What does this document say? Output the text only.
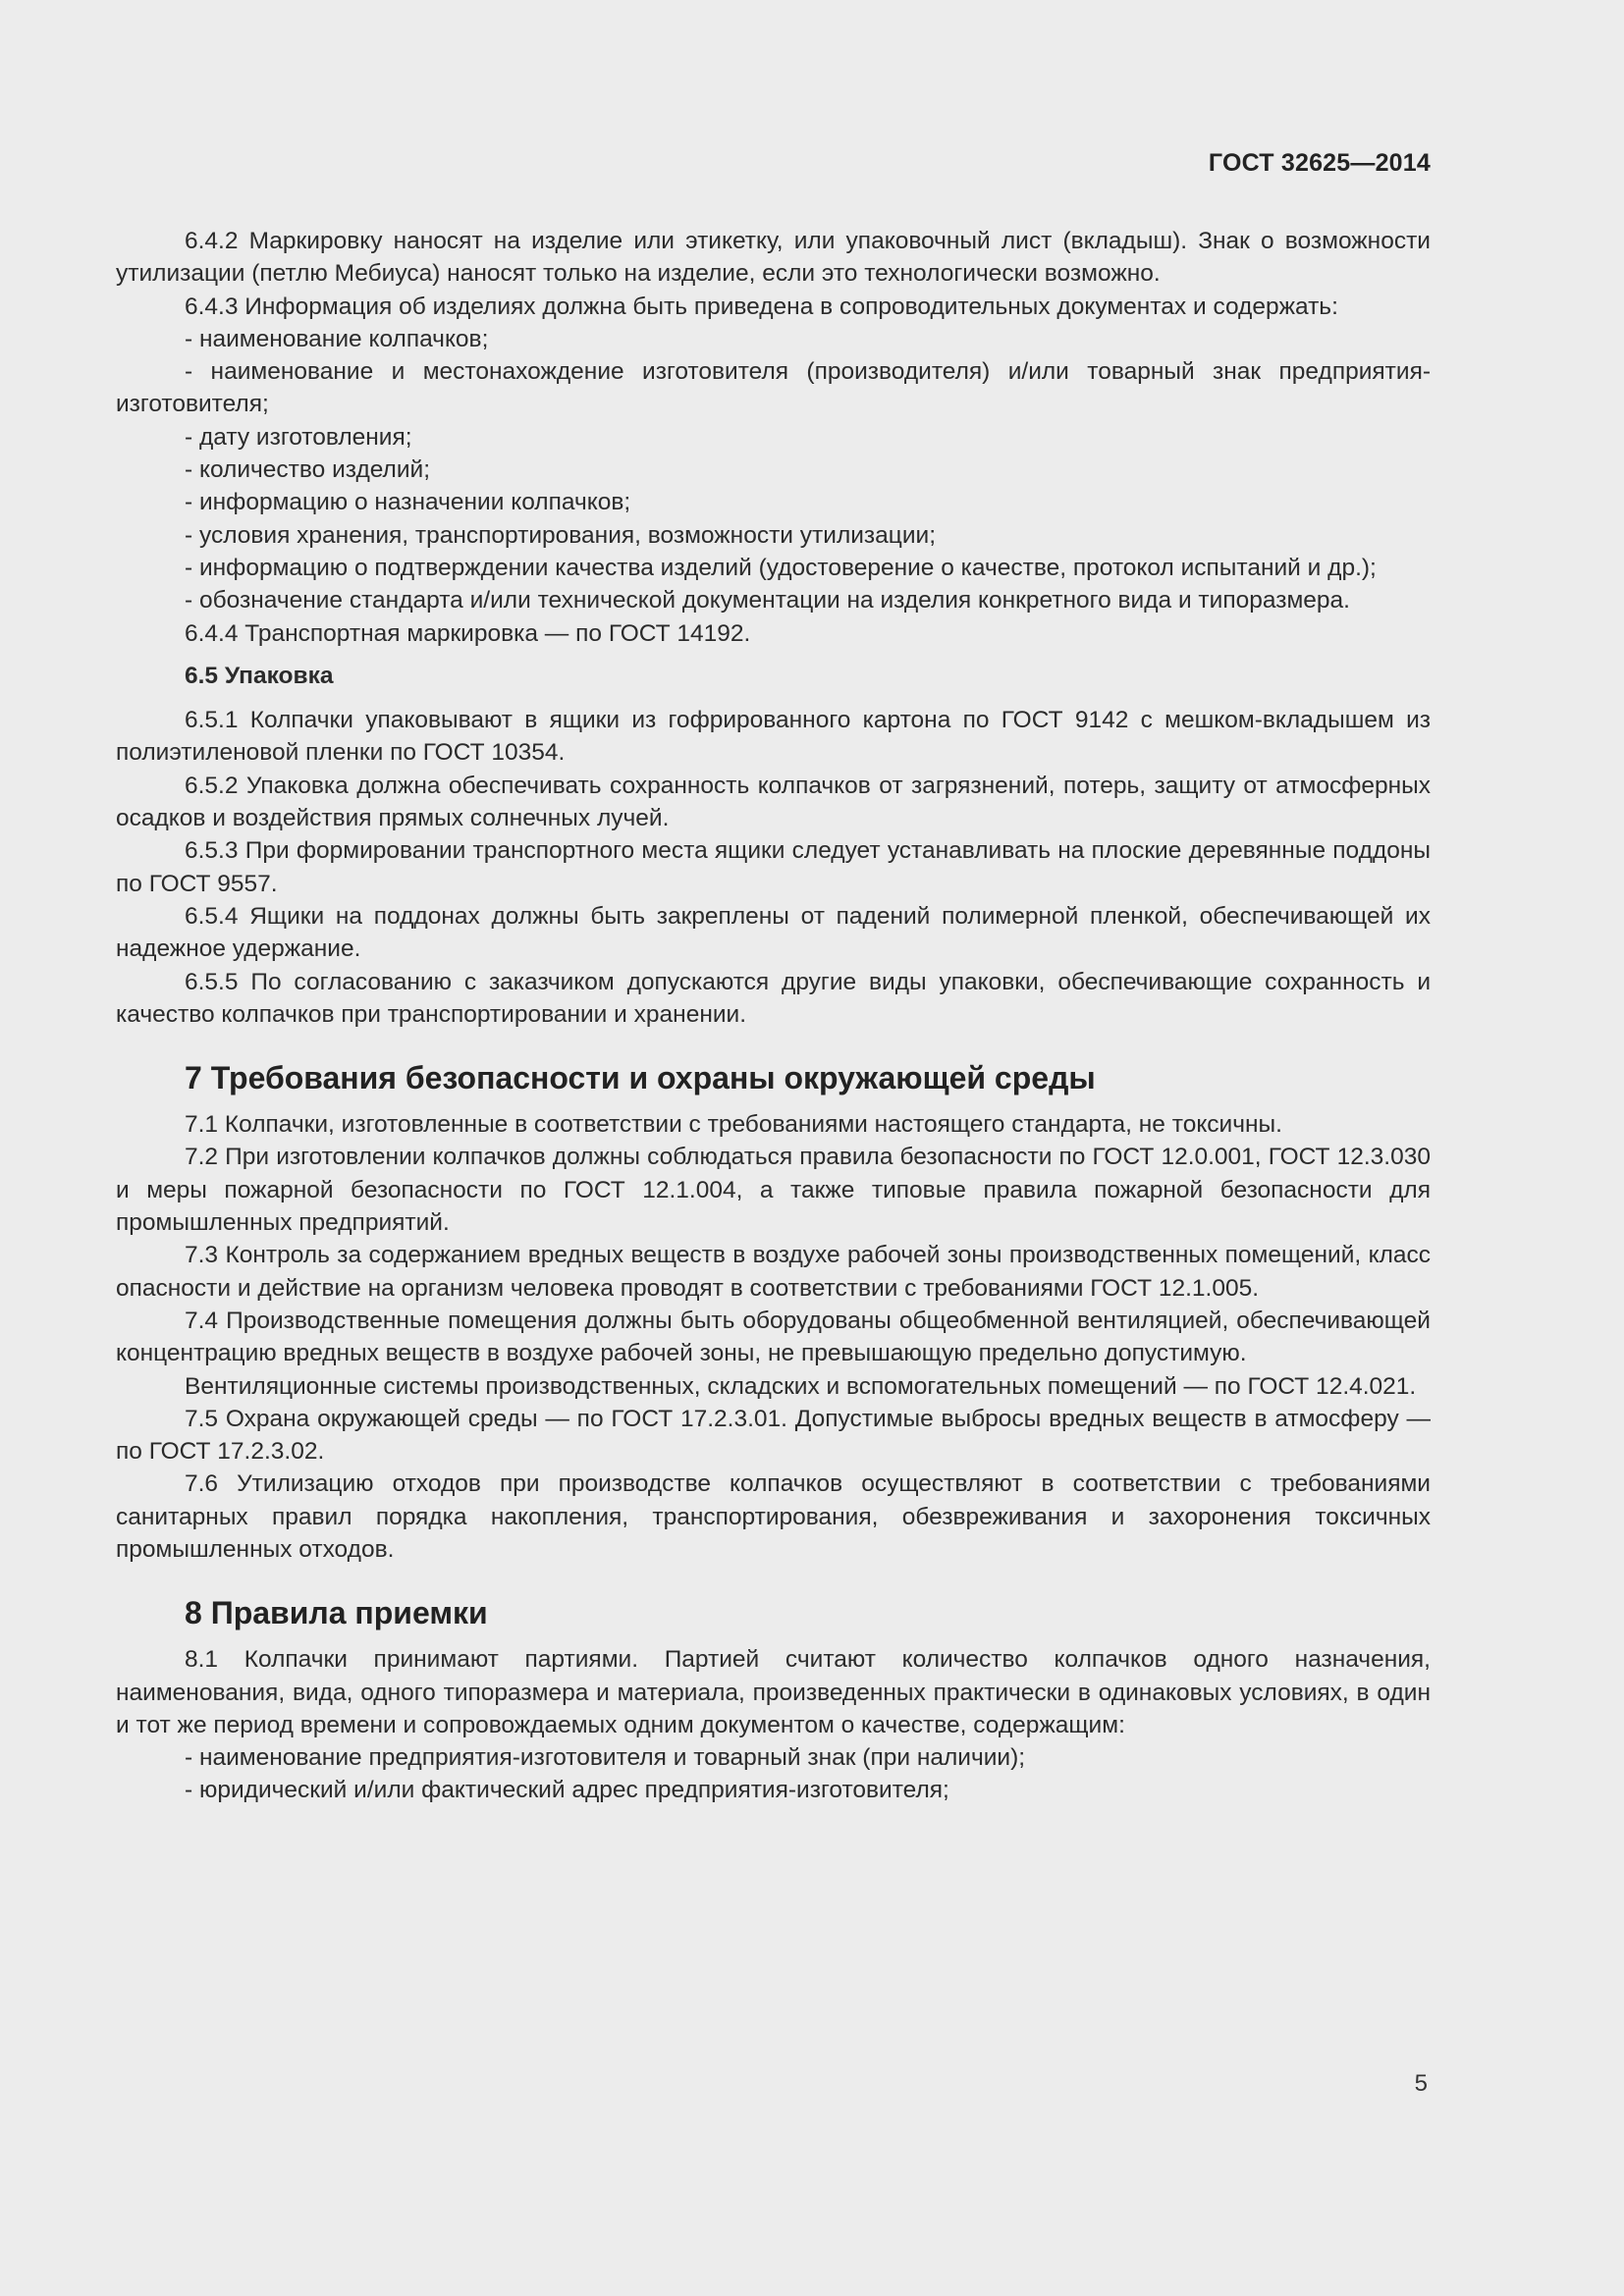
ГОСТ 32625—2014

6.4.2 Маркировку наносят на изделие или этикетку, или упаковочный лист (вкладыш). Знак о возможности утилизации (петлю Мебиуса) наносят только на изделие, если это технологически возможно.

6.4.3 Информация об изделиях должна быть приведена в сопроводительных документах и содержать:

- наименование колпачков;

- наименование и местонахождение изготовителя (производителя) и/или товарный знак предприятия-изготовителя;

- дату изготовления;

- количество изделий;

- информацию о назначении колпачков;

- условия хранения, транспортирования, возможности утилизации;

- информацию о подтверждении качества изделий (удостоверение о качестве, протокол испытаний и др.);

- обозначение стандарта и/или технической документации на изделия конкретного вида и типоразмера.

6.4.4 Транспортная маркировка — по ГОСТ 14192.

6.5 Упаковка

6.5.1 Колпачки упаковывают в ящики из гофрированного картона по ГОСТ 9142 с мешком-вкладышем из полиэтиленовой пленки по ГОСТ 10354.

6.5.2 Упаковка должна обеспечивать сохранность колпачков от загрязнений, потерь, защиту от атмосферных осадков и воздействия прямых солнечных лучей.

6.5.3 При формировании транспортного места ящики следует устанавливать на плоские деревянные поддоны по ГОСТ 9557.

6.5.4 Ящики на поддонах должны быть закреплены от падений полимерной пленкой, обеспечивающей их надежное удержание.

6.5.5 По согласованию с заказчиком допускаются другие виды упаковки, обеспечивающие сохранность и качество колпачков при транспортировании и хранении.

7 Требования безопасности и охраны окружающей среды

7.1 Колпачки, изготовленные в соответствии с требованиями настоящего стандарта, не токсичны.

7.2 При изготовлении колпачков должны соблюдаться правила безопасности по ГОСТ 12.0.001, ГОСТ 12.3.030 и меры пожарной безопасности по ГОСТ 12.1.004, а также типовые правила пожарной безопасности для промышленных предприятий.

7.3 Контроль за содержанием вредных веществ в воздухе рабочей зоны производственных помещений, класс опасности и действие на организм человека проводят в соответствии с требованиями ГОСТ 12.1.005.

7.4 Производственные помещения должны быть оборудованы общеобменной вентиляцией, обеспечивающей концентрацию вредных веществ в воздухе рабочей зоны, не превышающую предельно допустимую.

Вентиляционные системы производственных, складских и вспомогательных помещений — по ГОСТ 12.4.021.

7.5 Охрана окружающей среды — по ГОСТ 17.2.3.01. Допустимые выбросы вредных веществ в атмосферу — по ГОСТ 17.2.3.02.

7.6 Утилизацию отходов при производстве колпачков осуществляют в соответствии с требованиями санитарных правил порядка накопления, транспортирования, обезвреживания и захоронения токсичных промышленных отходов.

8 Правила приемки

8.1 Колпачки принимают партиями. Партией считают количество колпачков одного назначения, наименования, вида, одного типоразмера и материала, произведенных практически в одинаковых условиях, в один и тот же период времени и сопровождаемых одним документом о качестве, содержащим:

- наименование предприятия-изготовителя и товарный знак (при наличии);

- юридический и/или фактический адрес предприятия-изготовителя;

5
